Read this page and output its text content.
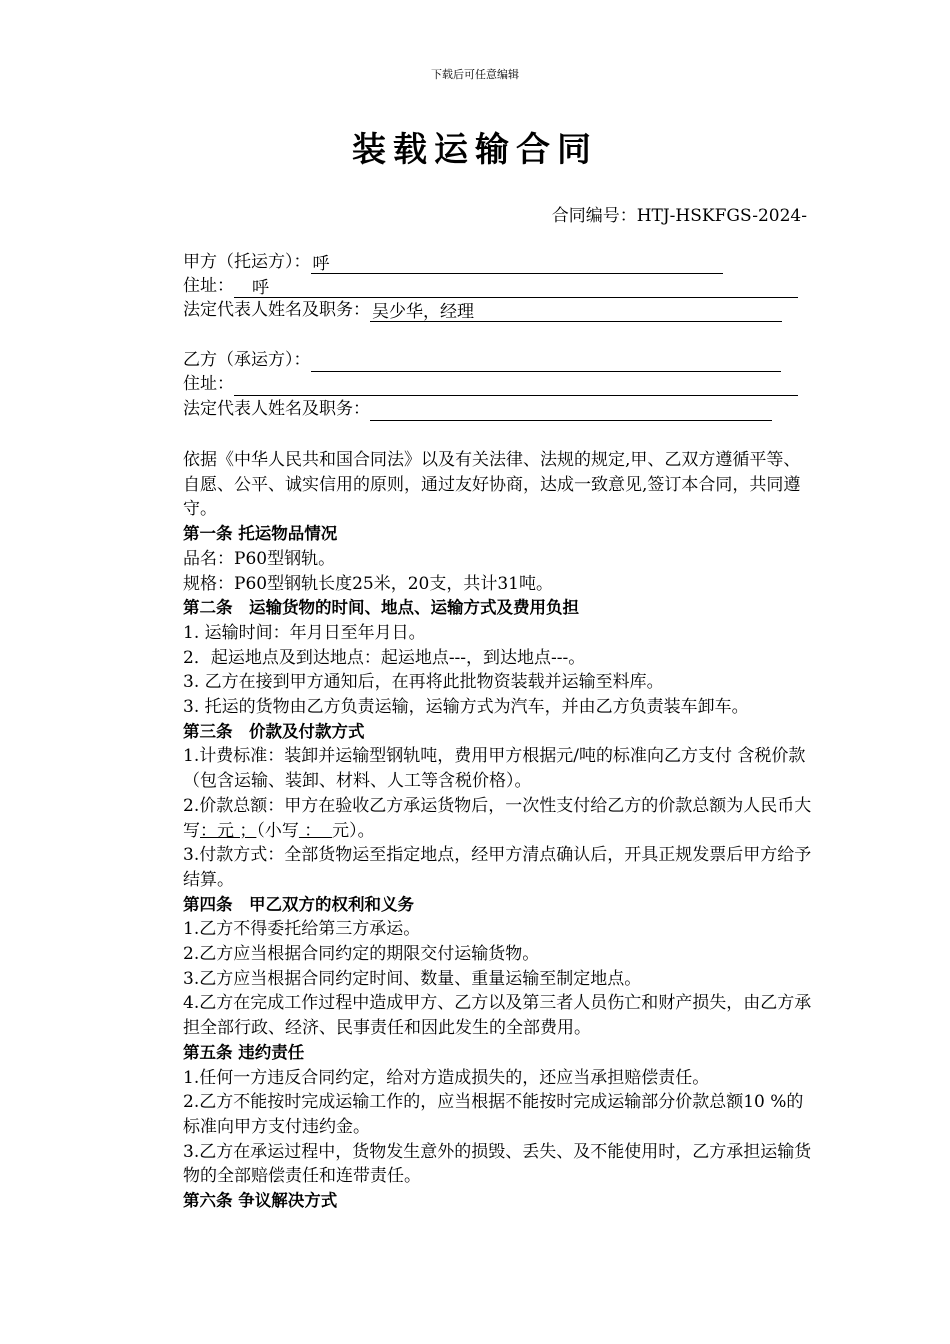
下载后可任意编辑
装载运输合同
合同编号：HTJ-HSKFGS-2024-
甲方（托运方）： 呼
住址：	呼
法定代表人姓名及职务： 吴少华，经理
乙方（承运方）：
住址：
法定代表人姓名及职务：

依据《中华人民共和国合同法》以及有关法律、法规的规定,甲、乙双方遵循平等、自愿、公平、诚实信用的原则，通过友好协商，达成一致意见,签订本合同，共同遵守。

第一条 托运物品情况

品名：P60型钢轨。

规格：P60型钢轨长度25米，20支，共计31吨。

第二条　运输货物的时间、地点、运输方式及费用负担

1. 运输时间：年月日至年月日。

2．起运地点及到达地点：起运地点---，到达地点---。

3. 乙方在接到甲方通知后，在再将此批物资装载并运输至料库。

3. 托运的货物由乙方负责运输，运输方式为汽车，并由乙方负责装车卸车。

第三条　价款及付款方式

1.计费标准：装卸并运输型钢轨吨，费用甲方根据元/吨的标准向乙方支付 含税价款（包含运输、装卸、材料、人工等含税价格）。

2.价款总额：甲方在验收乙方承运货物后，一次性支付给乙方的价款总额为人民币大写：元 ；（小写 ：  元）。

3.付款方式：全部货物运至指定地点，经甲方清点确认后，开具正规发票后甲方给予结算。

第四条　甲乙双方的权利和义务

1.乙方不得委托给第三方承运。

2.乙方应当根据合同约定的期限交付运输货物。

3.乙方应当根据合同约定时间、数量、重量运输至制定地点。

4.乙方在完成工作过程中造成甲方、乙方以及第三者人员伤亡和财产损失，由乙方承担全部行政、经济、民事责任和因此发生的全部费用。

第五条 违约责任

1.任何一方违反合同约定，给对方造成损失的，还应当承担赔偿责任。

2.乙方不能按时完成运输工作的，应当根据不能按时完成运输部分价款总额10 %的标准向甲方支付违约金。

3.乙方在承运过程中，货物发生意外的损毁、丢失、及不能使用时，乙方承担运输货物的全部赔偿责任和连带责任。

第六条 争议解决方式
